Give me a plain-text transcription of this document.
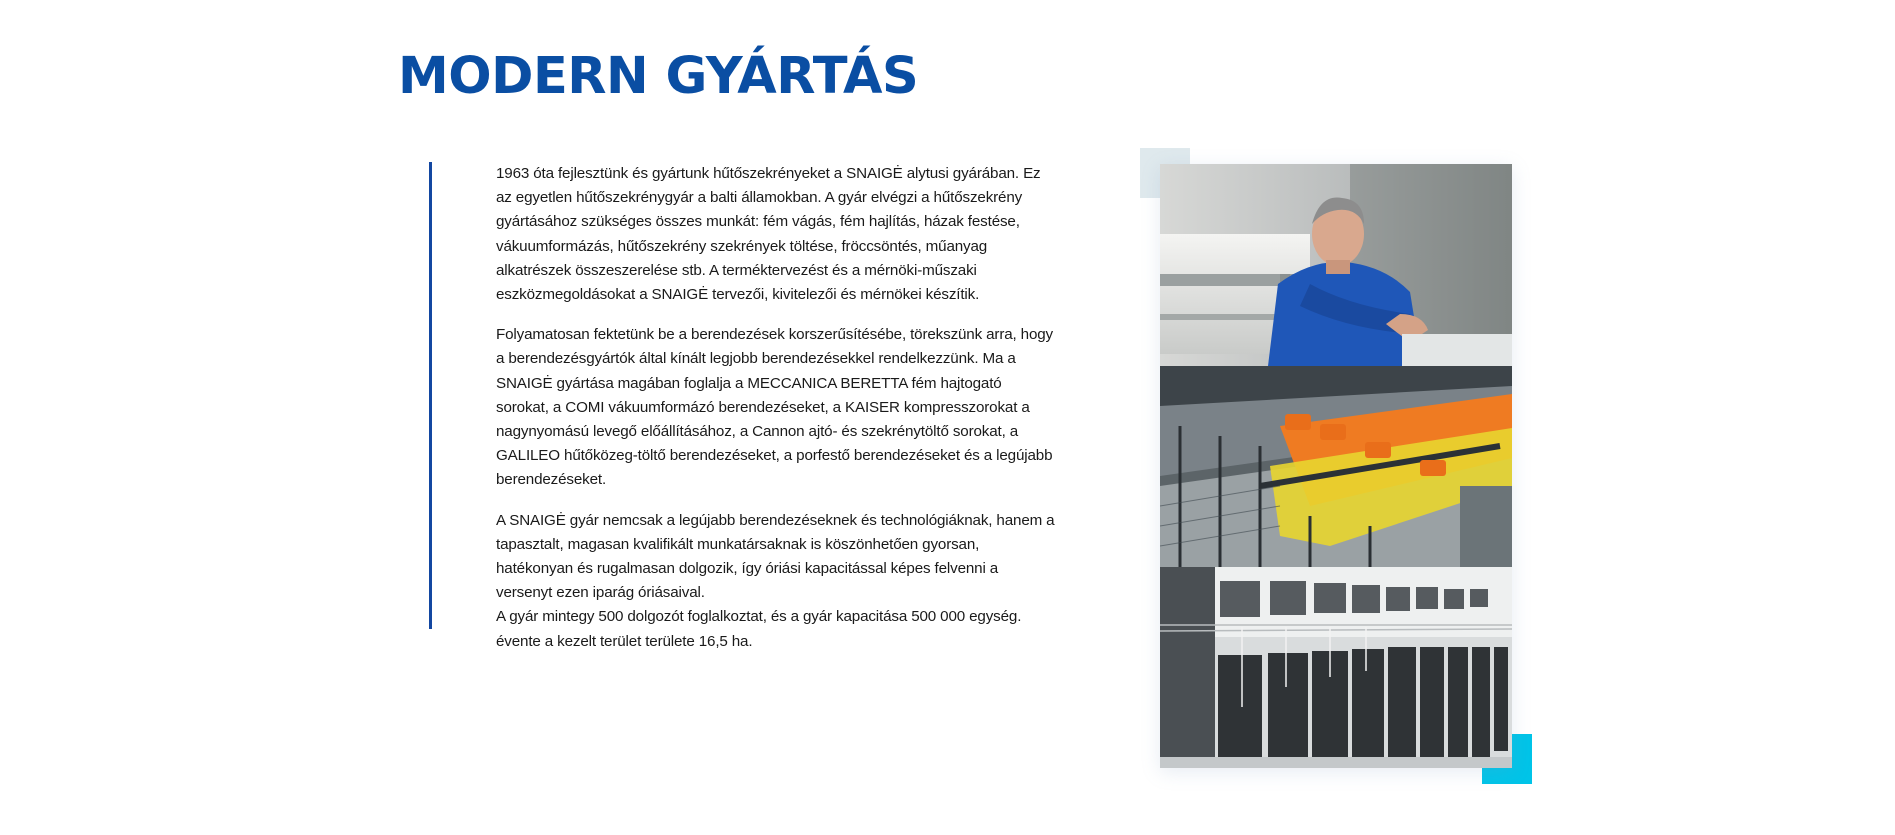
MODERN GYÁRTÁS

1963 óta fejlesztünk és gyártunk hűtőszekrényeket a SNAIGĖ alytusi gyárában. Ez az egyetlen hűtőszekrénygyár a balti államokban. A gyár elvégzi a hűtőszekrény gyártásához szükséges összes munkát: fém vágás, fém hajlítás, házak festése, vákuumformázás, hűtőszekrény szekrények töltése, fröccsöntés, műanyag alkatrészek összeszerelése stb. A terméktervezést és a mérnöki-műszaki eszközmegoldásokat a SNAIGĖ tervezői, kivitelezői és mérnökei készítik.

Folyamatosan fektetünk be a berendezések korszerűsítésébe, törekszünk arra, hogy a berendezésgyártók által kínált legjobb berendezésekkel rendelkezzünk. Ma a SNAIGĖ gyártása magában foglalja a MECCANICA BERETTA fém hajtogató sorokat, a COMI vákuumformázó berendezéseket, a KAISER kompresszorokat a nagynyomású levegő előállításához, a Cannon ajtó- és szekrénytöltő sorokat, a GALILEO hűtőközeg-töltő berendezéseket, a porfestő berendezéseket és a legújabb berendezéseket.

A SNAIGĖ gyár nemcsak a legújabb berendezéseknek és technológiáknak, hanem a tapasztalt, magasan kvalifikált munkatársaknak is köszönhetően gyorsan, hatékonyan és rugalmasan dolgozik, így óriási kapacitással képes felvenni a versenyt ezen iparág óriásaival.

A gyár mintegy 500 dolgozót foglalkoztat, és a gyár kapacitása 500 000 egység. évente a kezelt terület területe 16,5 ha.
